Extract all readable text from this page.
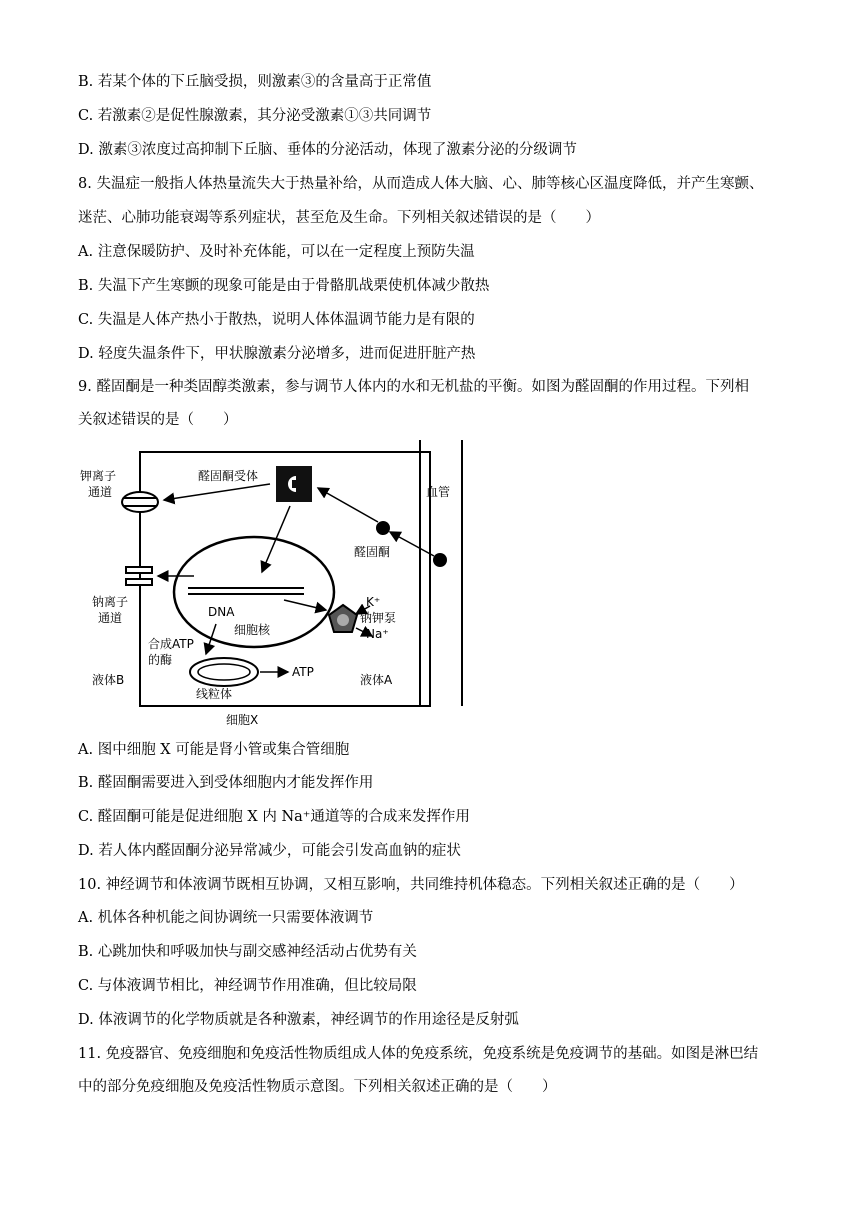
B. 若某个体的下丘脑受损，则激素③的含量高于正常值
C. 若激素②是促性腺激素，其分泌受激素①③共同调节
D. 激素③浓度过高抑制下丘脑、垂体的分泌活动，体现了激素分泌的分级调节
8. 失温症一般指人体热量流失大于热量补给，从而造成人体大脑、心、肺等核心区温度降低，并产生寒颤、
迷茫、心肺功能衰竭等系列症状，甚至危及生命。下列相关叙述错误的是（　　）
A. 注意保暖防护、及时补充体能，可以在一定程度上预防失温
B. 失温下产生寒颤的现象可能是由于骨骼肌战栗使机体减少散热
C. 失温是人体产热小于散热，说明人体体温调节能力是有限的
D. 轻度失温条件下，甲状腺激素分泌增多，进而促进肝脏产热
9. 醛固酮是一种类固醇类激素，参与调节人体内的水和无机盐的平衡。如图为醛固酮的作用过程。下列相
关叙述错误的是（　　）
钾离子
通道
醛固酮受体
血管
醛固酮
钠离子
通道	DNA
细胞核
K⁺
钠钾泵
Na⁺
合成ATP
的酶
ATP
线粒体
液体B	液体A
细胞X
A. 图中细胞 X 可能是肾小管或集合管细胞
B. 醛固酮需要进入到受体细胞内才能发挥作用
C. 醛固酮可能是促进细胞 X 内 Na⁺通道等的合成来发挥作用
D. 若人体内醛固酮分泌异常减少，可能会引发高血钠的症状
10. 神经调节和体液调节既相互协调，又相互影响，共同维持机体稳态。下列相关叙述正确的是（　　）
A. 机体各种机能之间协调统一只需要体液调节
B. 心跳加快和呼吸加快与副交感神经活动占优势有关
C. 与体液调节相比，神经调节作用准确，但比较局限
D. 体液调节的化学物质就是各种激素，神经调节的作用途径是反射弧
11. 免疫器官、免疫细胞和免疫活性物质组成人体的免疫系统，免疫系统是免疫调节的基础。如图是淋巴结
中的部分免疫细胞及免疫活性物质示意图。下列相关叙述正确的是（　　）
